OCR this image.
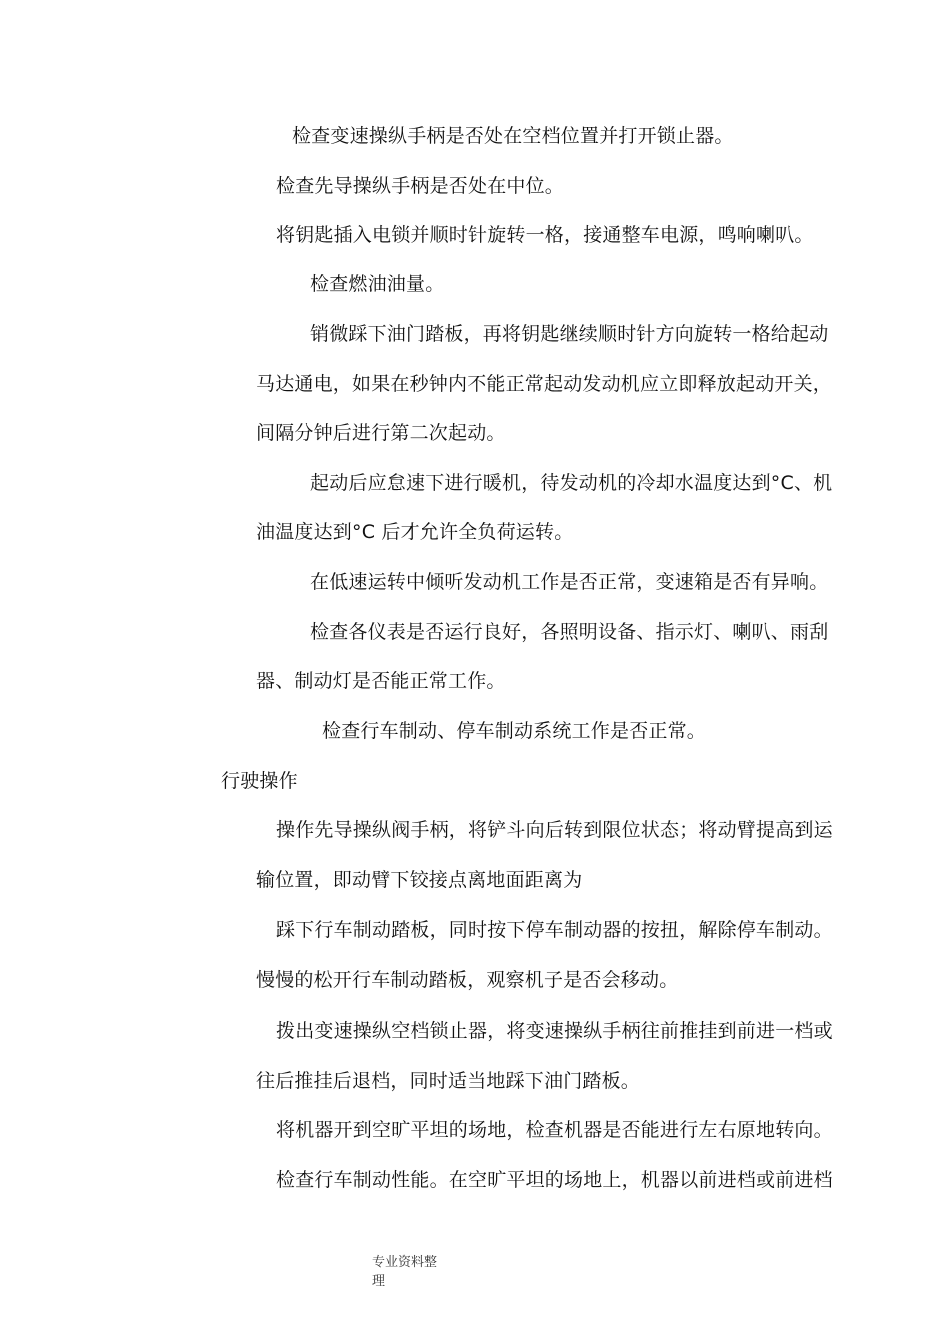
检查变速操纵手柄是否处在空档位置并打开锁止器。
检查先导操纵手柄是否处在中位。
将钥匙插入电锁并顺时针旋转一格，接通整车电源，鸣响喇叭。
检查燃油油量。
销微踩下油门踏板，再将钥匙继续顺时针方向旋转一格给起动
马达通电，如果在秒钟内不能正常起动发动机应立即释放起动开关，
间隔分钟后进行第二次起动。
起动后应怠速下进行暖机，待发动机的冷却水温度达到°C、机
油温度达到°C 后才允许全负荷运转。
在低速运转中倾听发动机工作是否正常，变速箱是否有异响。
检查各仪表是否运行良好，各照明设备、指示灯、喇叭、雨刮
器、制动灯是否能正常工作。
检查行车制动、停车制动系统工作是否正常。
行驶操作
操作先导操纵阀手柄，将铲斗向后转到限位状态；将动臂提高到运
输位置，即动臂下铰接点离地面距离为
踩下行车制动踏板，同时按下停车制动器的按扭，解除停车制动。
慢慢的松开行车制动踏板，观察机子是否会移动。
拨出变速操纵空档锁止器，将变速操纵手柄往前推挂到前进一档或
往后推挂后退档，同时适当地踩下油门踏板。
将机器开到空旷平坦的场地，检查机器是否能进行左右原地转向。
检查行车制动性能。在空旷平坦的场地上，机器以前进档或前进档
专业资料整
理
